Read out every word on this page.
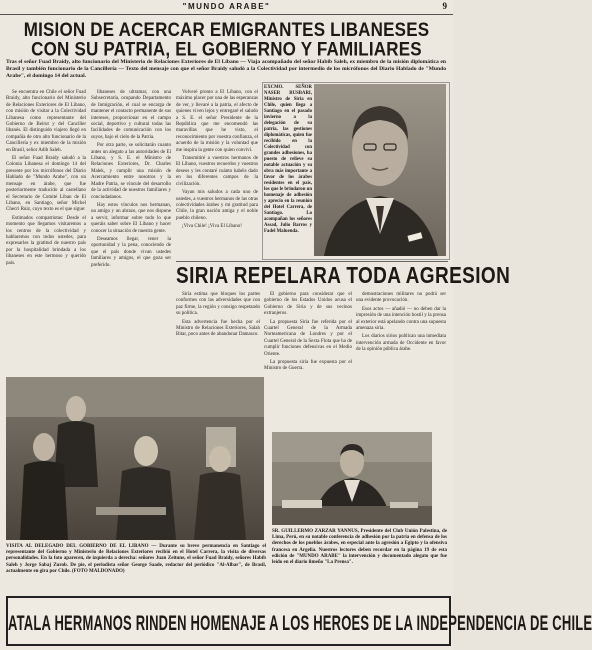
"MUNDO ARABE"	9
MISION DE ACERCAR EMIGRANTES LIBANESES
CON SU PATRIA, EL GOBIERNO Y FAMILIARES
Tras el señor Fuad Braidy, alto funcionario del Ministerio de Relaciones Exteriores de El Líbano — Viaja acompañado del señor Habib Saleh, ex miembro de la misión diplomática en Brasil y también funcionario de la Cancillería — Texto del mensaje con que el señor Braidy saludó a la Colectividad por intermedio de los micrófonos del Diario Hablado de "Mundo Arabe", el domingo 14 del actual.

Se encuentra en Chile el señor Fuad Braidy, alto funcionario del Ministerio de Relaciones Exteriores de El Líbano, con misión de visitar a la Colectividad Libanesa como representante del Gobierno de Beirut y del Canciller libanés. El distinguido viajero llegó en compañía de otro alto funcionario de la Cancillería y ex miembro de la misión en Brasil, señor Adib Saleh.

El señor Fuad Braidy saludó a la Colonia Libanesa el domingo 14 del presente por los micrófonos del Diario Hablado de "Mundo Arabe", con un mensaje en árabe, que fue posteriormente traducido al castellano el Secretario de Comité Liban de El Libano, en Santiago, señor Michel Checri Ruiz, cuyo texto es el que sigue:

Estimados compatriotas: Desde el momento que llegamos visitaremos a los centros de la colectividad y hablaremos con todos ustedes, para expresarles la gratitud de nuestro país por la hospitalidad brindada a los libaneses en este hermoso y querido país.

libaneses de ultramar, con una Subsecretaría, ocupando Departamento de Inmigración, el cual se encarga de mantener el contacto permanente de sus intereses, proporcionar en el campo social, deportivo y cultural todas las facilidades de comunicación con los suyos, bajo el cielo de la Patria.

Por otra parte, se solicitarán cuanto antes un alegato a las autoridades de El Líbano, y S. E. el Ministro de Relaciones Exteriores, Dr. Charles Malek, y cumplir una misión de Acercamiento entre nosotros y la Madre Patria, se vincule del desarrollo de la actividad de nuestros familiares y conciudadanos.

Hay estos vínculos nos hermanan, un amigo y un abrazo, que nos dispone a servir, informar sobre todo lo que queráis saber sobre El Líbano y hacer conocer la situación de nuestra gente.

Deseamos llegar, tener la oportunidad y la pena, conociendo de que el país donde vivan ustedes familiares y amigos, el que goza ser preferido.

Volveré pronto a El Líbano, con el máximo placer por una de las esperanzas de ver, y llevaré a la patria, el afecto de quienes viven lejos y entregaré el saludo a S. E. el señor Presidente de la República que me encomendó las maravillas que he visto, el reconocimiento por vuestra confianza, el acuerdo de la misión y la voluntad que me inspira la gente con quien conviví.

Transmitiré a vuestros hermanos de El Líbano, vuestros recuerdos y vuestros deseos y les contaré cuánto habéis dado en los diferentes campos de la civilización.

Vayan mis saludos a cada uno de ustedes, a vuestros hermanos de las otras colectividades árabes y mi gratitud para Chile, la gran nación amiga y el noble pueblo chileno.

¡Viva Chile! ¡Viva El Líbano!

EXCMO. SEÑOR NASER RUSBARI, Ministro de Siria en Chile, quien llega a Santiago en el pasado invierno a la delegación de su patria, las gestiones diplomáticas, quien fue recibido en la Colectividad con grandes adhesiones, ha puesto de relieve su notable actuación y su obra más importante a favor de los árabes residentes en el país, los que le brindaron un homenaje de adhesión y aprecio en la reunión del Hotel Carrera, de Santiago. Lo acompañan los señores Assad, Julio Barros y Fadel Maluenda.
SIRIA REPELARA TODA AGRESION

Siria estima que bloques los partes conformes con las adversidades que con paz firme, la región y consigo respetando su política.

Esta advertencia fue hecha por el Ministro de Relaciones Exteriores, Salah Bitar, poco antes de abandonar Damasco.

El gobierno para considerar que el gobierno de los Estados Unidos acusa el Gobierno de Siria y de sus vecinos extranjeros.

La propuesta Siria fue referida por el Cuartel General de la Armada Norteamericana de Londres y por el Cuartel General de la Sexta Flota que ha de cumplir funciones defensivas en el Medio Oriente.

La propuesta siria fue expuesta por el Ministro de Guerra.

demostraciones militares no podrá ser una evidente provocación.

Esos actos — añadió — no deben dar la impresión de una intención hostil y la prensa al exterior está apelando contra una supuesta amenaza siria.

Los diarios sirios publican una inmediata intervención armada de Occidente en favor de la opinión pública árabe.

VISITA AL DELEGADO DEL GOBIERNO DE EL LIBANO — Durante su breve permanencia en Santiago el representante del Gobierno y Ministerio de Relaciones Exteriores recibió en el Hotel Carrera, la visita de diversas personalidades. En la foto aparecen, de izquierda a derecha: señores Juan Zeitune, el señor Fuad Braidy, señores Habib Saleh y Jorge Sabaj Zurob. De pie, el periodista señor George Saade, redactor del periódico "Al-Albar", de Brasil, actualmente en gira por Chile. (FOTO MALDONADO)
SR. GUILLERMO ZARZAR YANNUS, Presidente del Club Unión Palestina, de Lima, Perú, en su notable conferencia de adhesión por la patria en defensa de los derechos de los pueblos árabes, en especial ante la agresión a Egipto y la ofensiva francesa en Argelia. Nuestros lectores deben recordar en la página 19 de esta edición de "MUNDO ARABE" la intervención y documentado alegato que fue leído en el diario limeño "La Prensa".
ATALA HERMANOS RINDEN HOMENAJE A LOS HEROES DE LA INDEPENDENCIA DE CHILE
